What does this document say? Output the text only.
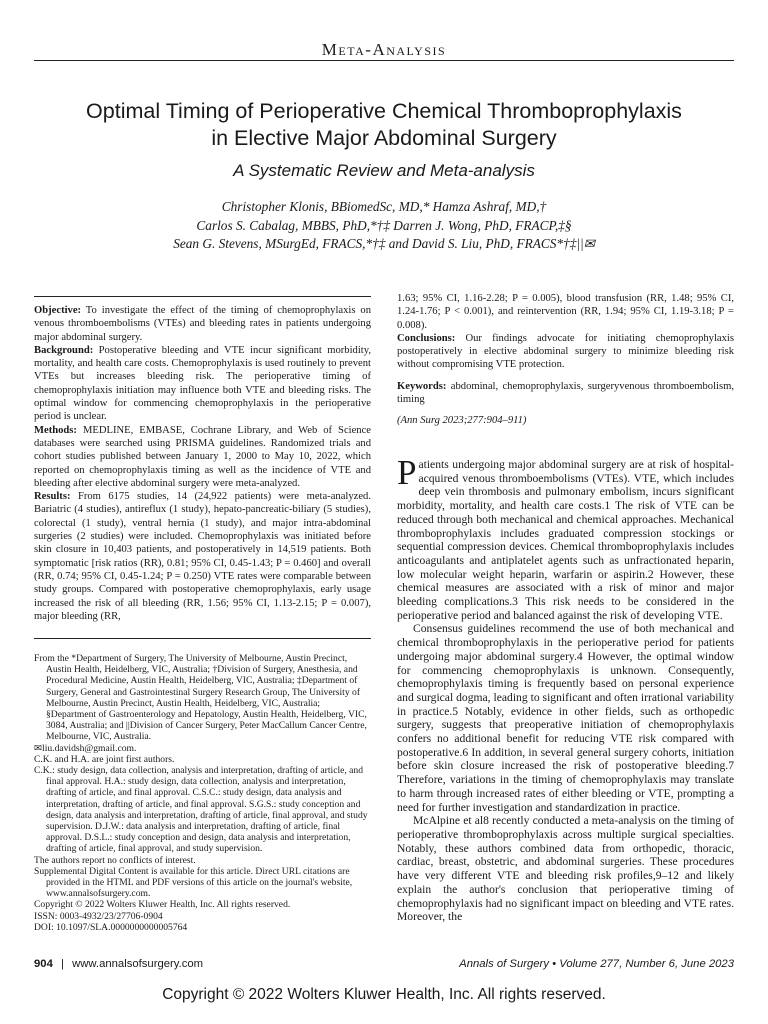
Meta-Analysis
Optimal Timing of Perioperative Chemical Thromboprophylaxis
in Elective Major Abdominal Surgery
A Systematic Review and Meta-analysis
Christopher Klonis, BBiomedSc, MD,* Hamza Ashraf, MD,†
Carlos S. Cabalag, MBBS, PhD,*†‡ Darren J. Wong, PhD, FRACP,‡§
Sean G. Stevens, MSurgEd, FRACS,*†‡ and David S. Liu, PhD, FRACS*†‡||✉

Objective: To investigate the effect of the timing of chemoprophylaxis on venous thromboembolisms (VTEs) and bleeding rates in patients undergoing major abdominal surgery.

Background: Postoperative bleeding and VTE incur significant morbidity, mortality, and health care costs. Chemoprophylaxis is used routinely to prevent VTEs but increases bleeding risk. The perioperative timing of chemoprophylaxis initiation may influence both VTE and bleeding risks. The optimal window for commencing chemoprophylaxis in the perioperative period is unclear.

Methods: MEDLINE, EMBASE, Cochrane Library, and Web of Science databases were searched using PRISMA guidelines. Randomized trials and cohort studies published between January 1, 2000 to May 10, 2022, which reported on chemoprophylaxis timing as well as the incidence of VTE and bleeding after elective abdominal surgery were meta-analyzed.

Results: From 6175 studies, 14 (24,922 patients) were meta-analyzed. Bariatric (4 studies), antireflux (1 study), hepato-pancreatic-biliary (5 studies), colorectal (1 study), ventral hernia (1 study), and major intra-abdominal surgeries (2 studies) were included. Chemoprophylaxis was initiated before skin closure in 10,403 patients, and postoperatively in 14,519 patients. Both symptomatic [risk ratios (RR), 0.81; 95% CI, 0.45-1.43; P = 0.460] and overall (RR, 0.74; 95% CI, 0.45-1.24; P = 0.250) VTE rates were comparable between study groups. Compared with postoperative chemoprophylaxis, early usage increased the risk of all bleeding (RR, 1.56; 95% CI, 1.13-2.15; P = 0.007), major bleeding (RR,

1.63; 95% CI, 1.16-2.28; P = 0.005), blood transfusion (RR, 1.48; 95% CI, 1.24-1.76; P < 0.001), and reintervention (RR, 1.94; 95% CI, 1.19-3.18; P = 0.008).

Conclusions: Our findings advocate for initiating chemoprophylaxis postoperatively in elective abdominal surgery to minimize bleeding risk without compromising VTE protection.

Keywords: abdominal, chemoprophylaxis, surgeryvenous thromboembolism, timing

(Ann Surg 2023;277:904–911)

Patients undergoing major abdominal surgery are at risk of hospital-acquired venous thromboembolisms (VTEs). VTE, which includes deep vein thrombosis and pulmonary embolism, incurs significant morbidity, mortality, and health care costs.1 The risk of VTE can be reduced through both mechanical and chemical approaches. Mechanical thromboprophylaxis includes graduated compression stockings or sequential compression devices. Chemical thromboprophylaxis includes anticoagulants and antiplatelet agents such as unfractionated heparin, low molecular weight heparin, warfarin or aspirin.2 However, these chemical measures are associated with a risk of minor and major bleeding complications.3 This risk needs to be considered in the perioperative period and balanced against the risk of developing VTE.

Consensus guidelines recommend the use of both mechanical and chemical thromboprophylaxis in the perioperative period for patients undergoing major abdominal surgery.4 However, the optimal window for commencing chemoprophylaxis is unknown. Consequently, chemoprophylaxis timing is frequently based on personal experience and surgical dogma, leading to significant and often irrational variability in practice.5 Notably, evidence in other fields, such as orthopedic surgery, suggests that preoperative initiation of chemoprophylaxis confers no additional benefit for reducing VTE risk compared with postoperative.6 In addition, in several general surgery cohorts, initiation before skin closure increased the risk of postoperative bleeding.7 Therefore, variations in the timing of chemoprophylaxis may translate to harm through increased rates of either bleeding or VTE, prompting a need for further investigation and standardization in practice.

McAlpine et al8 recently conducted a meta-analysis on the timing of perioperative thromboprophylaxis across multiple surgical specialties. Notably, these authors combined data from orthopedic, thoracic, cardiac, breast, obstetric, and abdominal surgeries. These procedures have very different VTE and bleeding risk profiles,9–12 and likely explain the author's conclusion that perioperative timing of chemoprophylaxis had no significant impact on bleeding and VTE rates. Moreover, the

From the *Department of Surgery, The University of Melbourne, Austin Precinct, Austin Health, Heidelberg, VIC, Australia; †Division of Surgery, Anesthesia, and Procedural Medicine, Austin Health, Heidelberg, VIC, Australia; ‡Department of Surgery, General and Gastrointestinal Surgery Research Group, The University of Melbourne, Austin Precinct, Austin Health, Heidelberg, VIC, Australia; §Department of Gastroenterology and Hepatology, Austin Health, Heidelberg, VIC, 3084, Australia; and ||Division of Cancer Surgery, Peter MacCallum Cancer Centre, Melbourne, VIC, Australia.

✉liu.davidsh@gmail.com.

C.K. and H.A. are joint first authors.

C.K.: study design, data collection, analysis and interpretation, drafting of article, and final approval. H.A.: study design, data collection, analysis and interpretation, drafting of article, and final approval. C.S.C.: study design, data analysis and interpretation, drafting of article, and final approval. S.G.S.: study conception and design, data analysis and interpretation, drafting of article, final approval, and study supervision. D.J.W.: data analysis and interpretation, drafting of article, final approval. D.S.L.: study conception and design, data analysis and interpretation, drafting of article, final approval, and study supervision.

The authors report no conflicts of interest.

Supplemental Digital Content is available for this article. Direct URL citations are provided in the HTML and PDF versions of this article on the journal's website, www.annalsofsurgery.com.

Copyright © 2022 Wolters Kluwer Health, Inc. All rights reserved.

ISSN: 0003-4932/23/27706-0904

DOI: 10.1097/SLA.0000000000005764

904 | www.annalsofsurgery.com	Annals of Surgery • Volume 277, Number 6, June 2023
Copyright © 2022 Wolters Kluwer Health, Inc. All rights reserved.
